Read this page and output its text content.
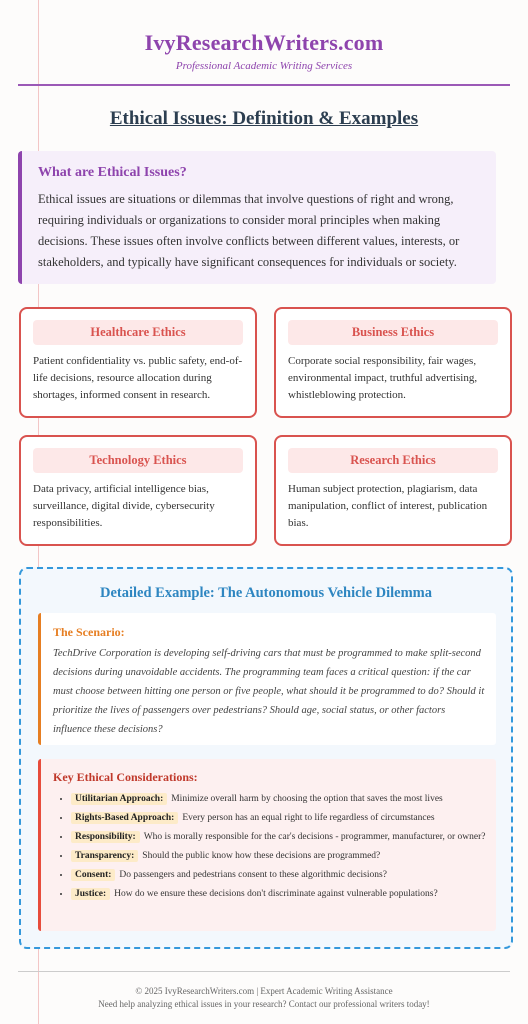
IvyResearchWriters.com
Professional Academic Writing Services
Ethical Issues: Definition & Examples
What are Ethical Issues?
Ethical issues are situations or dilemmas that involve questions of right and wrong, requiring individuals or organizations to consider moral principles when making decisions. These issues often involve conflicts between different values, interests, or stakeholders, and typically have significant consequences for individuals or society.
Healthcare Ethics
Patient confidentiality vs. public safety, end-of-life decisions, resource allocation during shortages, informed consent in research.
Business Ethics
Corporate social responsibility, fair wages, environmental impact, truthful advertising, whistleblowing protection.
Technology Ethics
Data privacy, artificial intelligence bias, surveillance, digital divide, cybersecurity responsibilities.
Research Ethics
Human subject protection, plagiarism, data manipulation, conflict of interest, publication bias.
Detailed Example: The Autonomous Vehicle Dilemma
The Scenario:
TechDrive Corporation is developing self-driving cars that must be programmed to make split-second decisions during unavoidable accidents. The programming team faces a critical question: if the car must choose between hitting one person or five people, what should it be programmed to do? Should it prioritize the lives of passengers over pedestrians? Should age, social status, or other factors influence these decisions?
Key Ethical Considerations:
• Utilitarian Approach: Minimize overall harm by choosing the option that saves the most lives
• Rights-Based Approach: Every person has an equal right to life regardless of circumstances
• Responsibility: Who is morally responsible for the car's decisions - programmer, manufacturer, or owner?
• Transparency: Should the public know how these decisions are programmed?
• Consent: Do passengers and pedestrians consent to these algorithmic decisions?
• Justice: How do we ensure these decisions don't discriminate against vulnerable populations?
© 2025 IvyResearchWriters.com | Expert Academic Writing Assistance
Need help analyzing ethical issues in your research? Contact our professional writers today!
